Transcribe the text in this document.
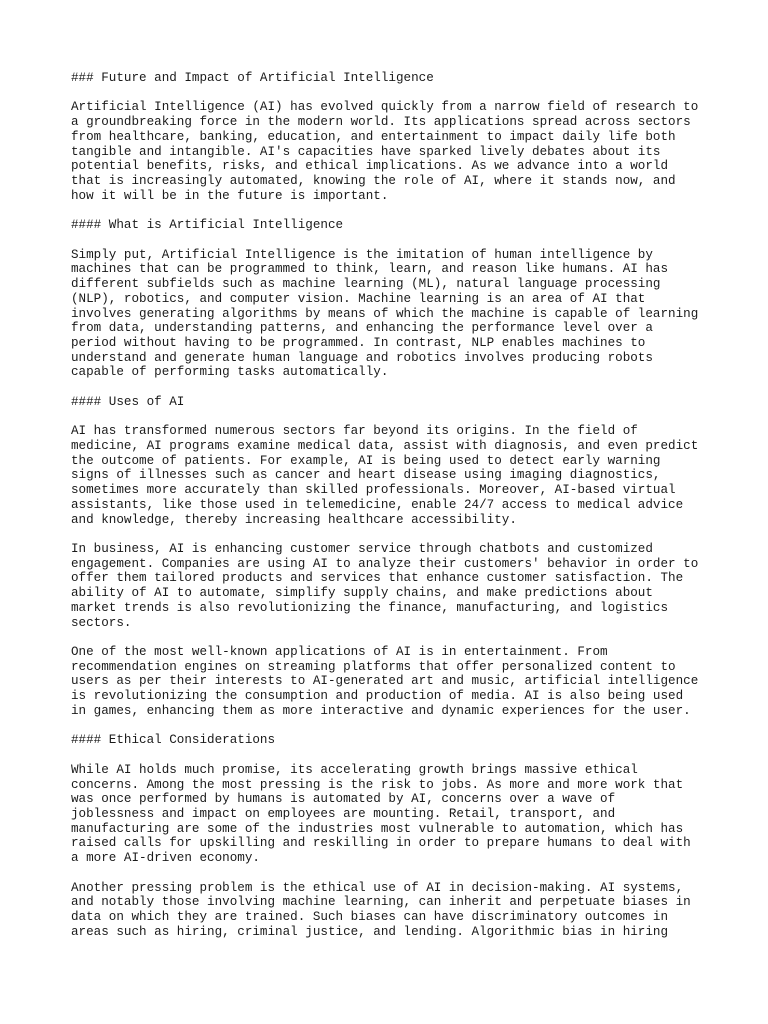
### Future and Impact of Artificial Intelligence
Artificial Intelligence (AI) has evolved quickly from a narrow field of research to
a groundbreaking force in the modern world. Its applications spread across sectors
from healthcare, banking, education, and entertainment to impact daily life both
tangible and intangible. AI's capacities have sparked lively debates about its
potential benefits, risks, and ethical implications. As we advance into a world
that is increasingly automated, knowing the role of AI, where it stands now, and
how it will be in the future is important.
#### What is Artificial Intelligence
Simply put, Artificial Intelligence is the imitation of human intelligence by
machines that can be programmed to think, learn, and reason like humans. AI has
different subfields such as machine learning (ML), natural language processing
(NLP), robotics, and computer vision. Machine learning is an area of AI that
involves generating algorithms by means of which the machine is capable of learning
from data, understanding patterns, and enhancing the performance level over a
period without having to be programmed. In contrast, NLP enables machines to
understand and generate human language and robotics involves producing robots
capable of performing tasks automatically.
#### Uses of AI
AI has transformed numerous sectors far beyond its origins. In the field of
medicine, AI programs examine medical data, assist with diagnosis, and even predict
the outcome of patients. For example, AI is being used to detect early warning
signs of illnesses such as cancer and heart disease using imaging diagnostics,
sometimes more accurately than skilled professionals. Moreover, AI-based virtual
assistants, like those used in telemedicine, enable 24/7 access to medical advice
and knowledge, thereby increasing healthcare accessibility.
In business, AI is enhancing customer service through chatbots and customized
engagement. Companies are using AI to analyze their customers' behavior in order to
offer them tailored products and services that enhance customer satisfaction. The
ability of AI to automate, simplify supply chains, and make predictions about
market trends is also revolutionizing the finance, manufacturing, and logistics
sectors.
One of the most well-known applications of AI is in entertainment. From
recommendation engines on streaming platforms that offer personalized content to
users as per their interests to AI-generated art and music, artificial intelligence
is revolutionizing the consumption and production of media. AI is also being used
in games, enhancing them as more interactive and dynamic experiences for the user.
#### Ethical Considerations
While AI holds much promise, its accelerating growth brings massive ethical
concerns. Among the most pressing is the risk to jobs. As more and more work that
was once performed by humans is automated by AI, concerns over a wave of
joblessness and impact on employees are mounting. Retail, transport, and
manufacturing are some of the industries most vulnerable to automation, which has
raised calls for upskilling and reskilling in order to prepare humans to deal with
a more AI-driven economy.
Another pressing problem is the ethical use of AI in decision-making. AI systems,
and notably those involving machine learning, can inherit and perpetuate biases in
data on which they are trained. Such biases can have discriminatory outcomes in
areas such as hiring, criminal justice, and lending. Algorithmic bias in hiring
